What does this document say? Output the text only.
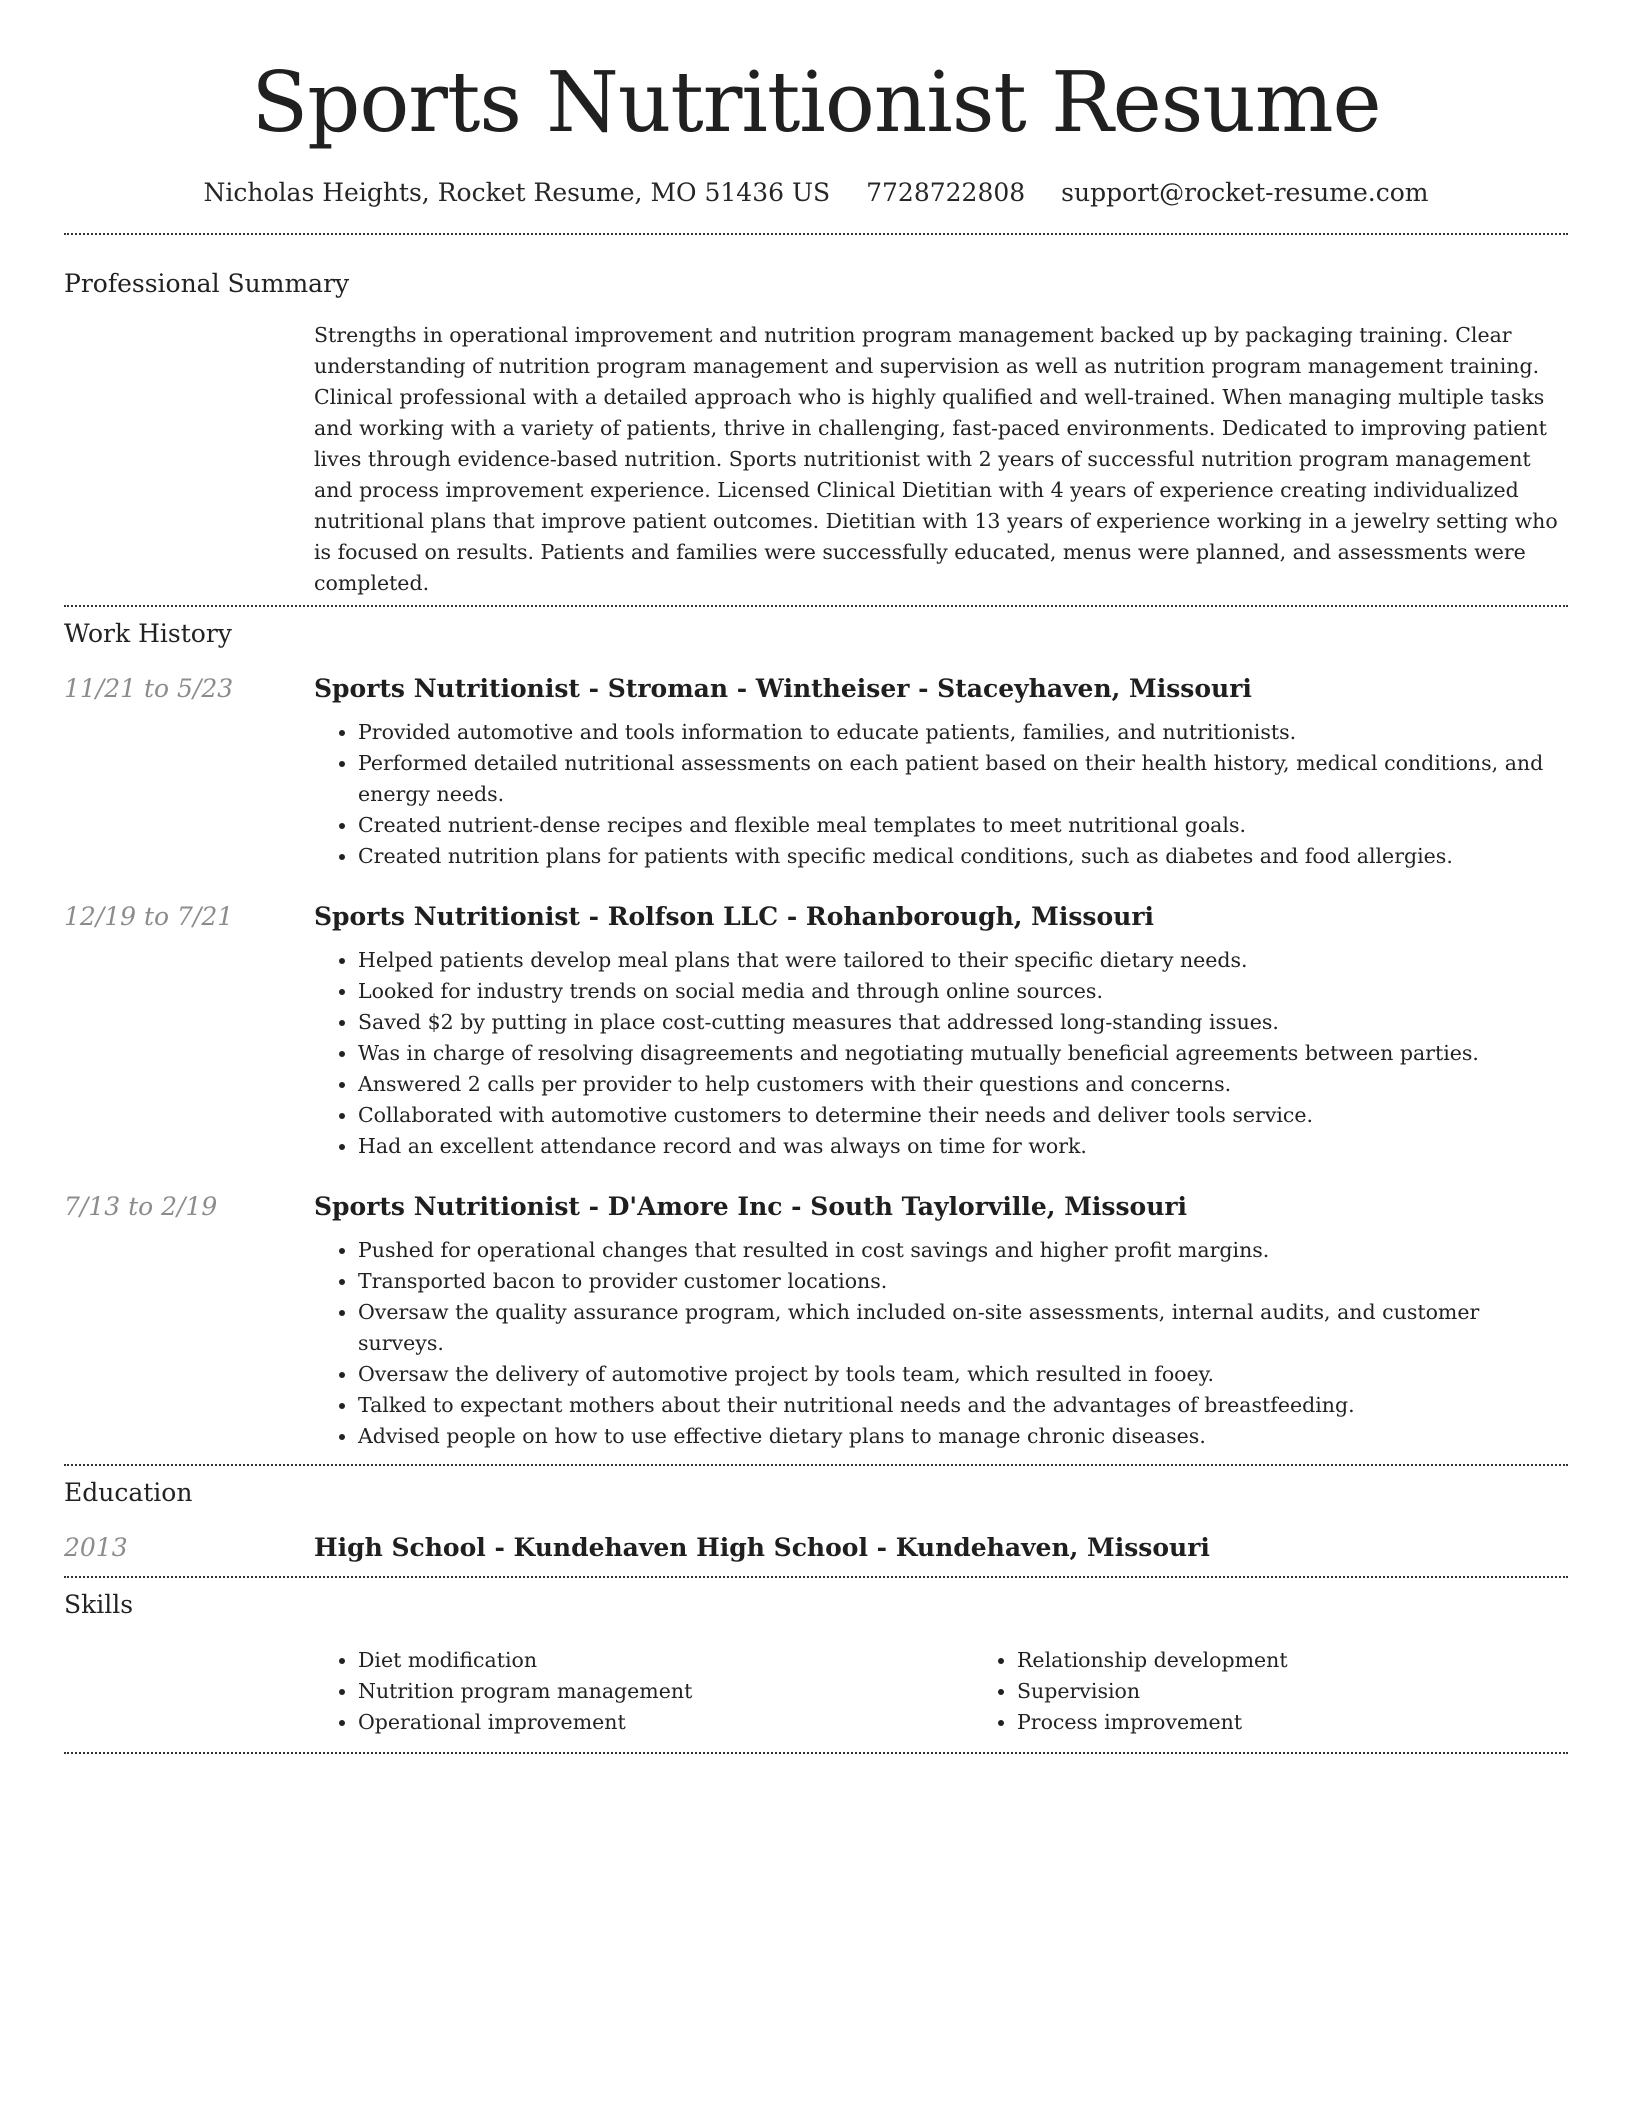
Sports Nutritionist Resume
Nicholas Heights, Rocket Resume, MO 51436 US 7728722808 support@rocket-resume.com
Professional Summary

Strengths in operational improvement and nutrition program management backed up by packaging training. Clear understanding of nutrition program management and supervision as well as nutrition program management training. Clinical professional with a detailed approach who is highly qualified and well-trained. When managing multiple tasks and working with a variety of patients, thrive in challenging, fast-paced environments. Dedicated to improving patient lives through evidence-based nutrition. Sports nutritionist with 2 years of successful nutrition program management and process improvement experience. Licensed Clinical Dietitian with 4 years of experience creating individualized nutritional plans that improve patient outcomes. Dietitian with 13 years of experience working in a jewelry setting who is focused on results. Patients and families were successfully educated, menus were planned, and assessments were completed.

Work History
11/21 to 5/23	Sports Nutritionist - Stroman - Wintheiser - Staceyhaven, Missouri
• Provided automotive and tools information to educate patients, families, and nutritionists.
• Performed detailed nutritional assessments on each patient based on their health history, medical conditions, and energy needs.
• Created nutrient-dense recipes and flexible meal templates to meet nutritional goals.
• Created nutrition plans for patients with specific medical conditions, such as diabetes and food allergies.
12/19 to 7/21	Sports Nutritionist - Rolfson LLC - Rohanborough, Missouri
• Helped patients develop meal plans that were tailored to their specific dietary needs.
• Looked for industry trends on social media and through online sources.
• Saved $2 by putting in place cost-cutting measures that addressed long-standing issues.
• Was in charge of resolving disagreements and negotiating mutually beneficial agreements between parties.
• Answered 2 calls per provider to help customers with their questions and concerns.
• Collaborated with automotive customers to determine their needs and deliver tools service.
• Had an excellent attendance record and was always on time for work.
7/13 to 2/19	Sports Nutritionist - D'Amore Inc - South Taylorville, Missouri
• Pushed for operational changes that resulted in cost savings and higher profit margins.
• Transported bacon to provider customer locations.
• Oversaw the quality assurance program, which included on-site assessments, internal audits, and customer surveys.
• Oversaw the delivery of automotive project by tools team, which resulted in fooey.
• Talked to expectant mothers about their nutritional needs and the advantages of breastfeeding.
• Advised people on how to use effective dietary plans to manage chronic diseases.
Education
2013	High School - Kundehaven High School - Kundehaven, Missouri
Skills
• Diet modification
• Nutrition program management
• Operational improvement
• Relationship development
• Supervision
• Process improvement
